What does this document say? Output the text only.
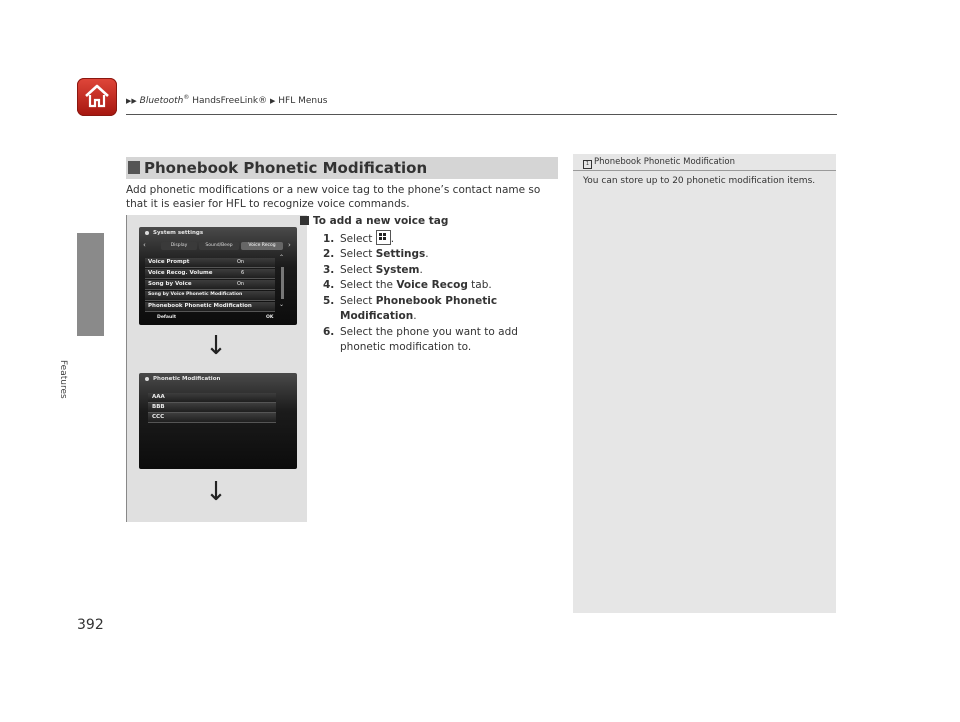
▶▶ Bluetooth® HandsFreeLink® ▶ HFL Menus
Features
392
Phonebook Phonetic Modification
Add phonetic modifications or a new voice tag to the phone’s contact name so that it is easier for HFL to recognize voice commands.
System settings
‹	›
Display	Sound/Beep	Voice Recog
Voice Prompt	On
Voice Recog. Volume	6
Song by Voice	On
Song by Voice Phonetic Modification
Phonebook Phonetic Modification
⌃
⌄
Default	OK
↓
Phonetic Modification
AAA
BBB
CCC
↓
To add a new voice tag
1. Select
.
2. Select Settings.
3. Select System.
4. Select the Voice Recog tab.
5. Select Phonebook Phonetic Modification.
6. Select the phone you want to add phonetic modification to.
1 Phonebook Phonetic Modification
You can store up to 20 phonetic modification items.
